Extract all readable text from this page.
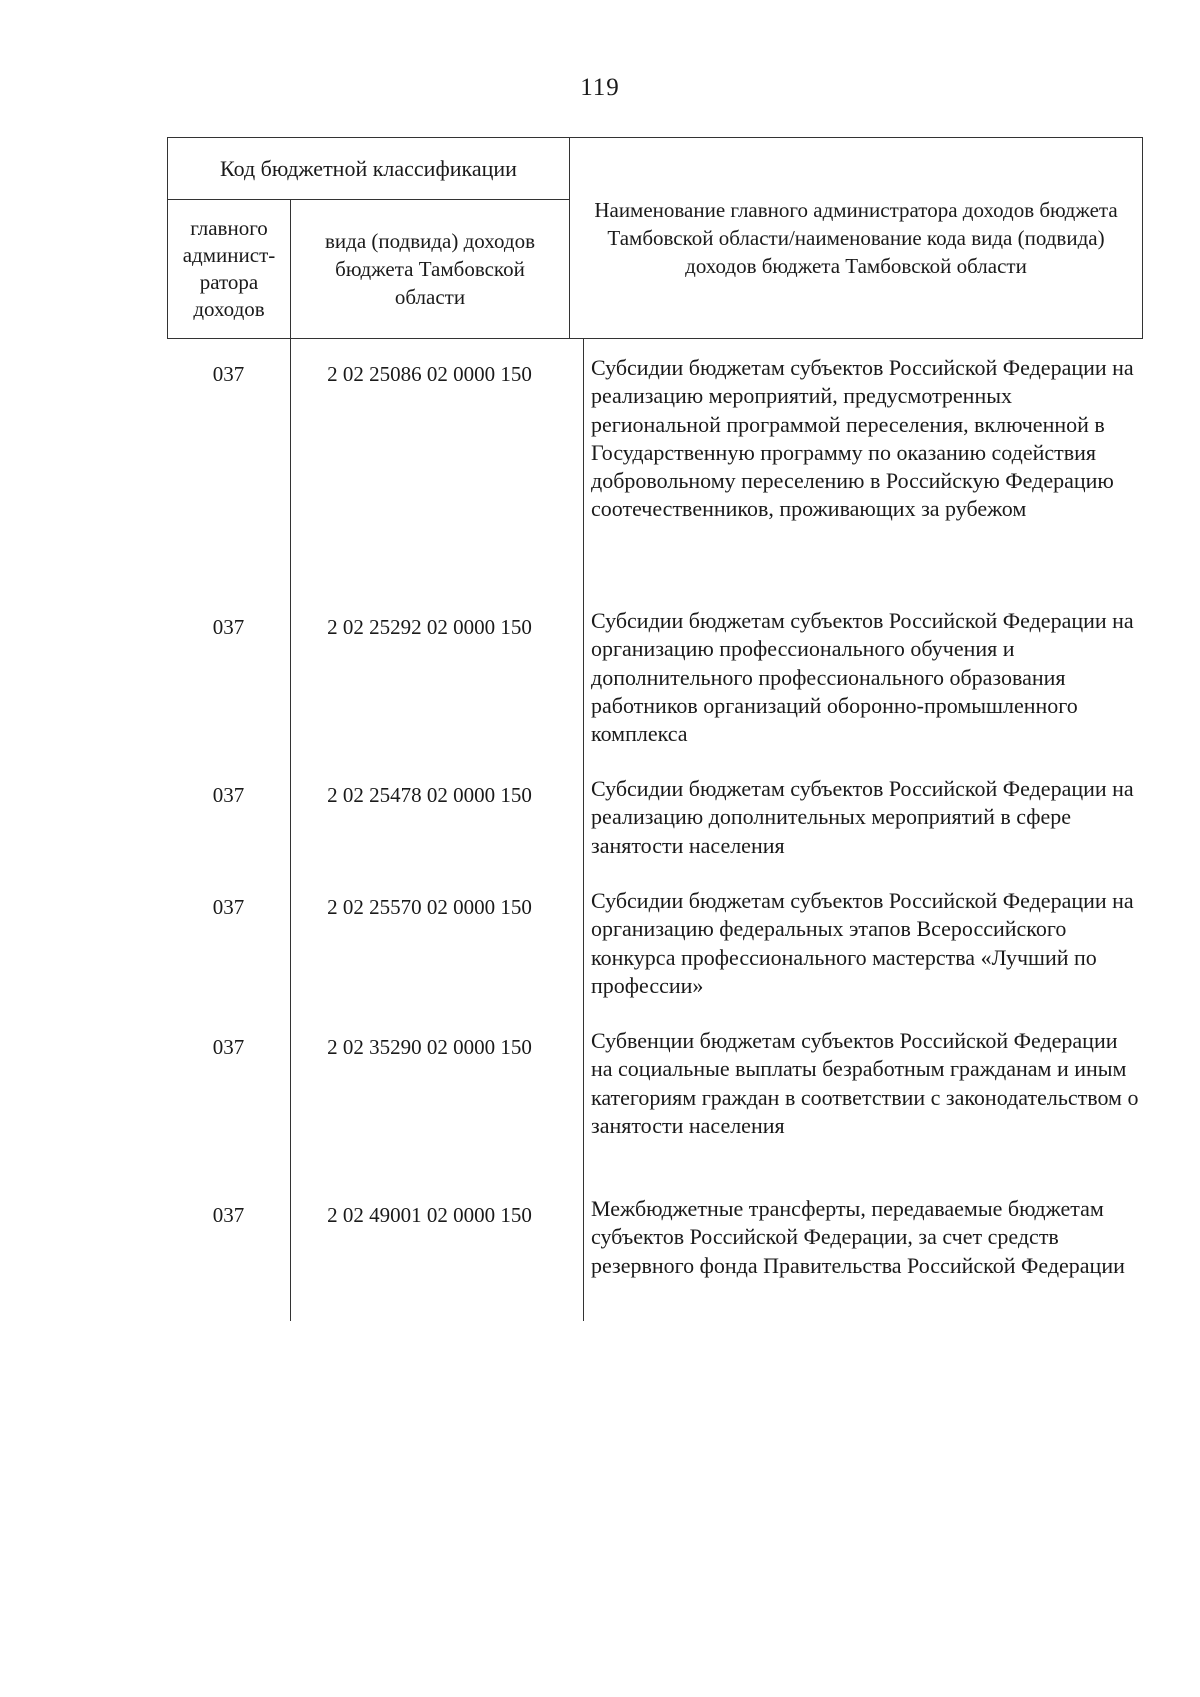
119
Код бюджетной классификации
главного админист-ратора доходов
вида (подвида) доходов бюджета Тамбовской области
Наименование главного администратора доходов бюджета Тамбовской области/наименование кода вида (подвида) доходов бюджета Тамбовской области
037	2 02 25086 02 0000 150	Субсидии бюджетам субъектов Российской Федерации на реализацию мероприятий, предусмотренных региональной программой переселения, включенной в Государственную программу по оказанию содействия добровольному переселению в Российскую Федерацию соотечественников, проживающих за рубежом
037	2 02 25292 02 0000 150	Субсидии бюджетам субъектов Российской Федерации на организацию профессионального обучения и дополнительного профессионального образования работников организаций оборонно-промышленного комплекса
037	2 02 25478 02 0000 150	Субсидии бюджетам субъектов Российской Федерации на реализацию дополнительных мероприятий в сфере занятости населения
037	2 02 25570 02 0000 150	Субсидии бюджетам субъектов Российской Федерации на организацию федеральных этапов Всероссийского конкурса профессионального мастерства «Лучший по профессии»
037	2 02 35290 02 0000 150	Субвенции бюджетам субъектов Российской Федерации на социальные выплаты безработным гражданам и иным категориям граждан в соответствии с законодательством о занятости населения
037	2 02 49001 02 0000 150	Межбюджетные трансферты, передаваемые бюджетам субъектов Российской Федерации, за счет средств резервного фонда Правительства Российской Федерации
